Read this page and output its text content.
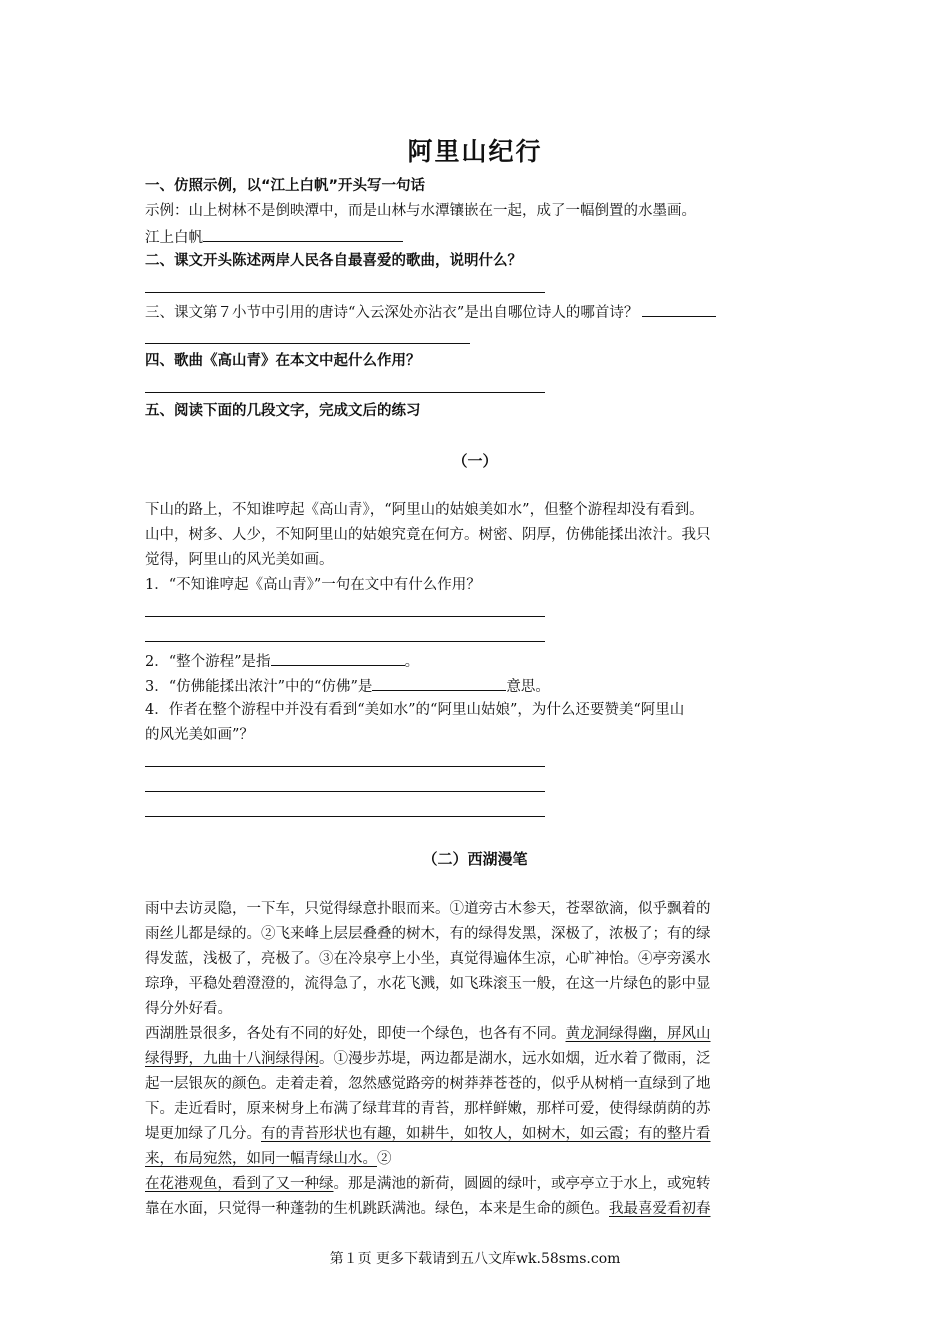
阿里山纪行
一、仿照示例，以“江上白帆”开头写一句话
示例：山上树林不是倒映潭中，而是山林与水潭镶嵌在一起，成了一幅倒置的水墨画。
江上白帆
二、课文开头陈述两岸人民各自最喜爱的歌曲，说明什么？
三、课文第７小节中引用的唐诗“入云深处亦沾衣”是出自哪位诗人的哪首诗？
四、歌曲《高山青》在本文中起什么作用？
五、阅读下面的几段文字，完成文后的练习
（一）
下山的路上，不知谁哼起《高山青》，“阿里山的姑娘美如水”，但整个游程却没有看到。
山中，树多、人少，不知阿里山的姑娘究竟在何方。树密、阴厚，仿佛能揉出浓汁。我只
觉得，阿里山的风光美如画。
1．“不知谁哼起《高山青》”一句在文中有什么作用？
2．“整个游程”是指	。
3．“仿佛能揉出浓汁”中的“仿佛”是	意思。
4．作者在整个游程中并没有看到“美如水”的“阿里山姑娘”，为什么还要赞美“阿里山
的风光美如画”？
（二）西湖漫笔
雨中去访灵隐，一下车，只觉得绿意扑眼而来。①道旁古木参天，苍翠欲滴，似乎飘着的
雨丝儿都是绿的。②飞来峰上层层叠叠的树木，有的绿得发黑，深极了，浓极了；有的绿
得发蓝，浅极了，亮极了。③在冷泉亭上小坐，真觉得遍体生凉，心旷神怡。④亭旁溪水
琮琤，平稳处碧澄澄的，流得急了，水花飞溅，如飞珠滚玉一般，在这一片绿色的影中显
得分外好看。
西湖胜景很多，各处有不同的好处，即使一个绿色，也各有不同。黄龙洞绿得幽，屏风山
绿得野，九曲十八涧绿得闲。①漫步苏堤，两边都是湖水，远水如烟，近水着了微雨，泛
起一层银灰的颜色。走着走着，忽然感觉路旁的树莽莽苍苍的，似乎从树梢一直绿到了地
下。走近看时，原来树身上布满了绿茸茸的青苔，那样鲜嫩，那样可爱，使得绿荫荫的苏
堤更加绿了几分。有的青苔形状也有趣，如耕牛，如牧人，如树木，如云霞；有的整片看
来，布局宛然，如同一幅青绿山水。②
在花港观鱼，看到了又一种绿。那是满池的新荷，圆圆的绿叶，或亭亭立于水上，或宛转
靠在水面，只觉得一种蓬勃的生机跳跃满池。绿色，本来是生命的颜色。我最喜爱看初春
第１页 更多下载请到五八文库wk.58sms.com
